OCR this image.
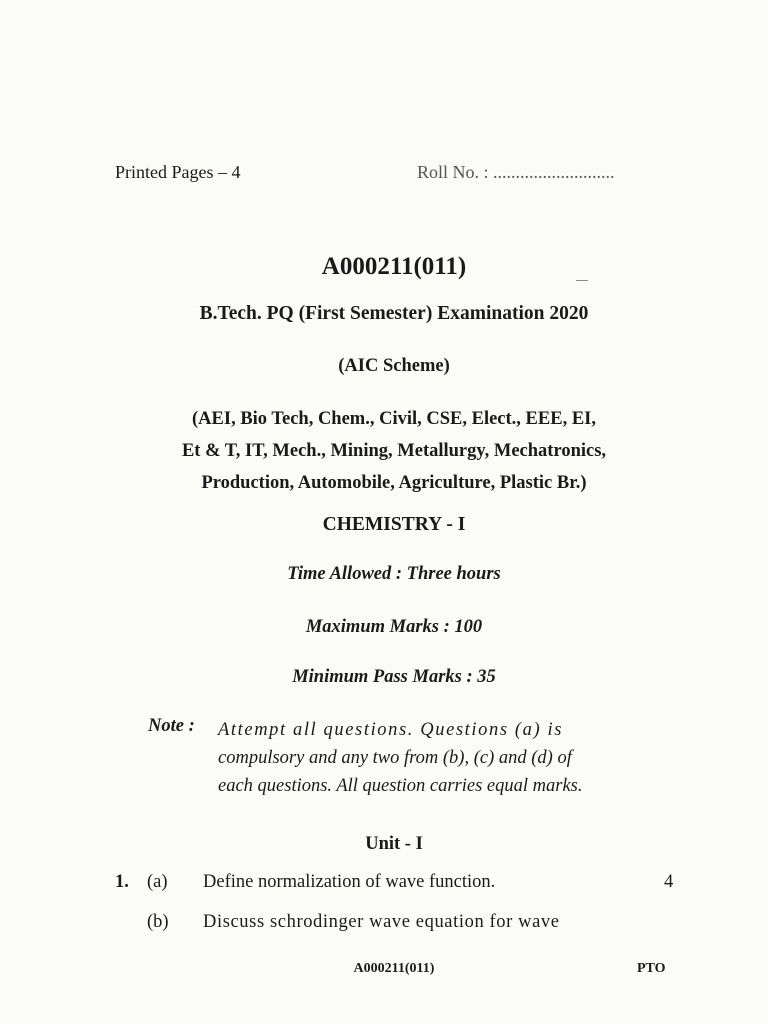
Printed Pages – 4	Roll No. : ...........................
A000211(011)
B.Tech. PQ (First Semester) Examination 2020
(AIC Scheme)
(AEI, Bio Tech, Chem., Civil, CSE, Elect., EEE, EI,
Et & T, IT, Mech., Mining, Metallurgy, Mechatronics,
Production, Automobile, Agriculture, Plastic Br.)
CHEMISTRY - I
Time Allowed : Three hours
Maximum Marks : 100
Minimum Pass Marks : 35
Note : Attempt all questions. Questions (a) is
compulsory and any two from (b), (c) and (d) of
each questions. All question carries equal marks.
Unit - I
1. (a) Define normalization of wave function.	4
(b) Discuss schrodinger wave equation for wave
A000211(011)	PTO
